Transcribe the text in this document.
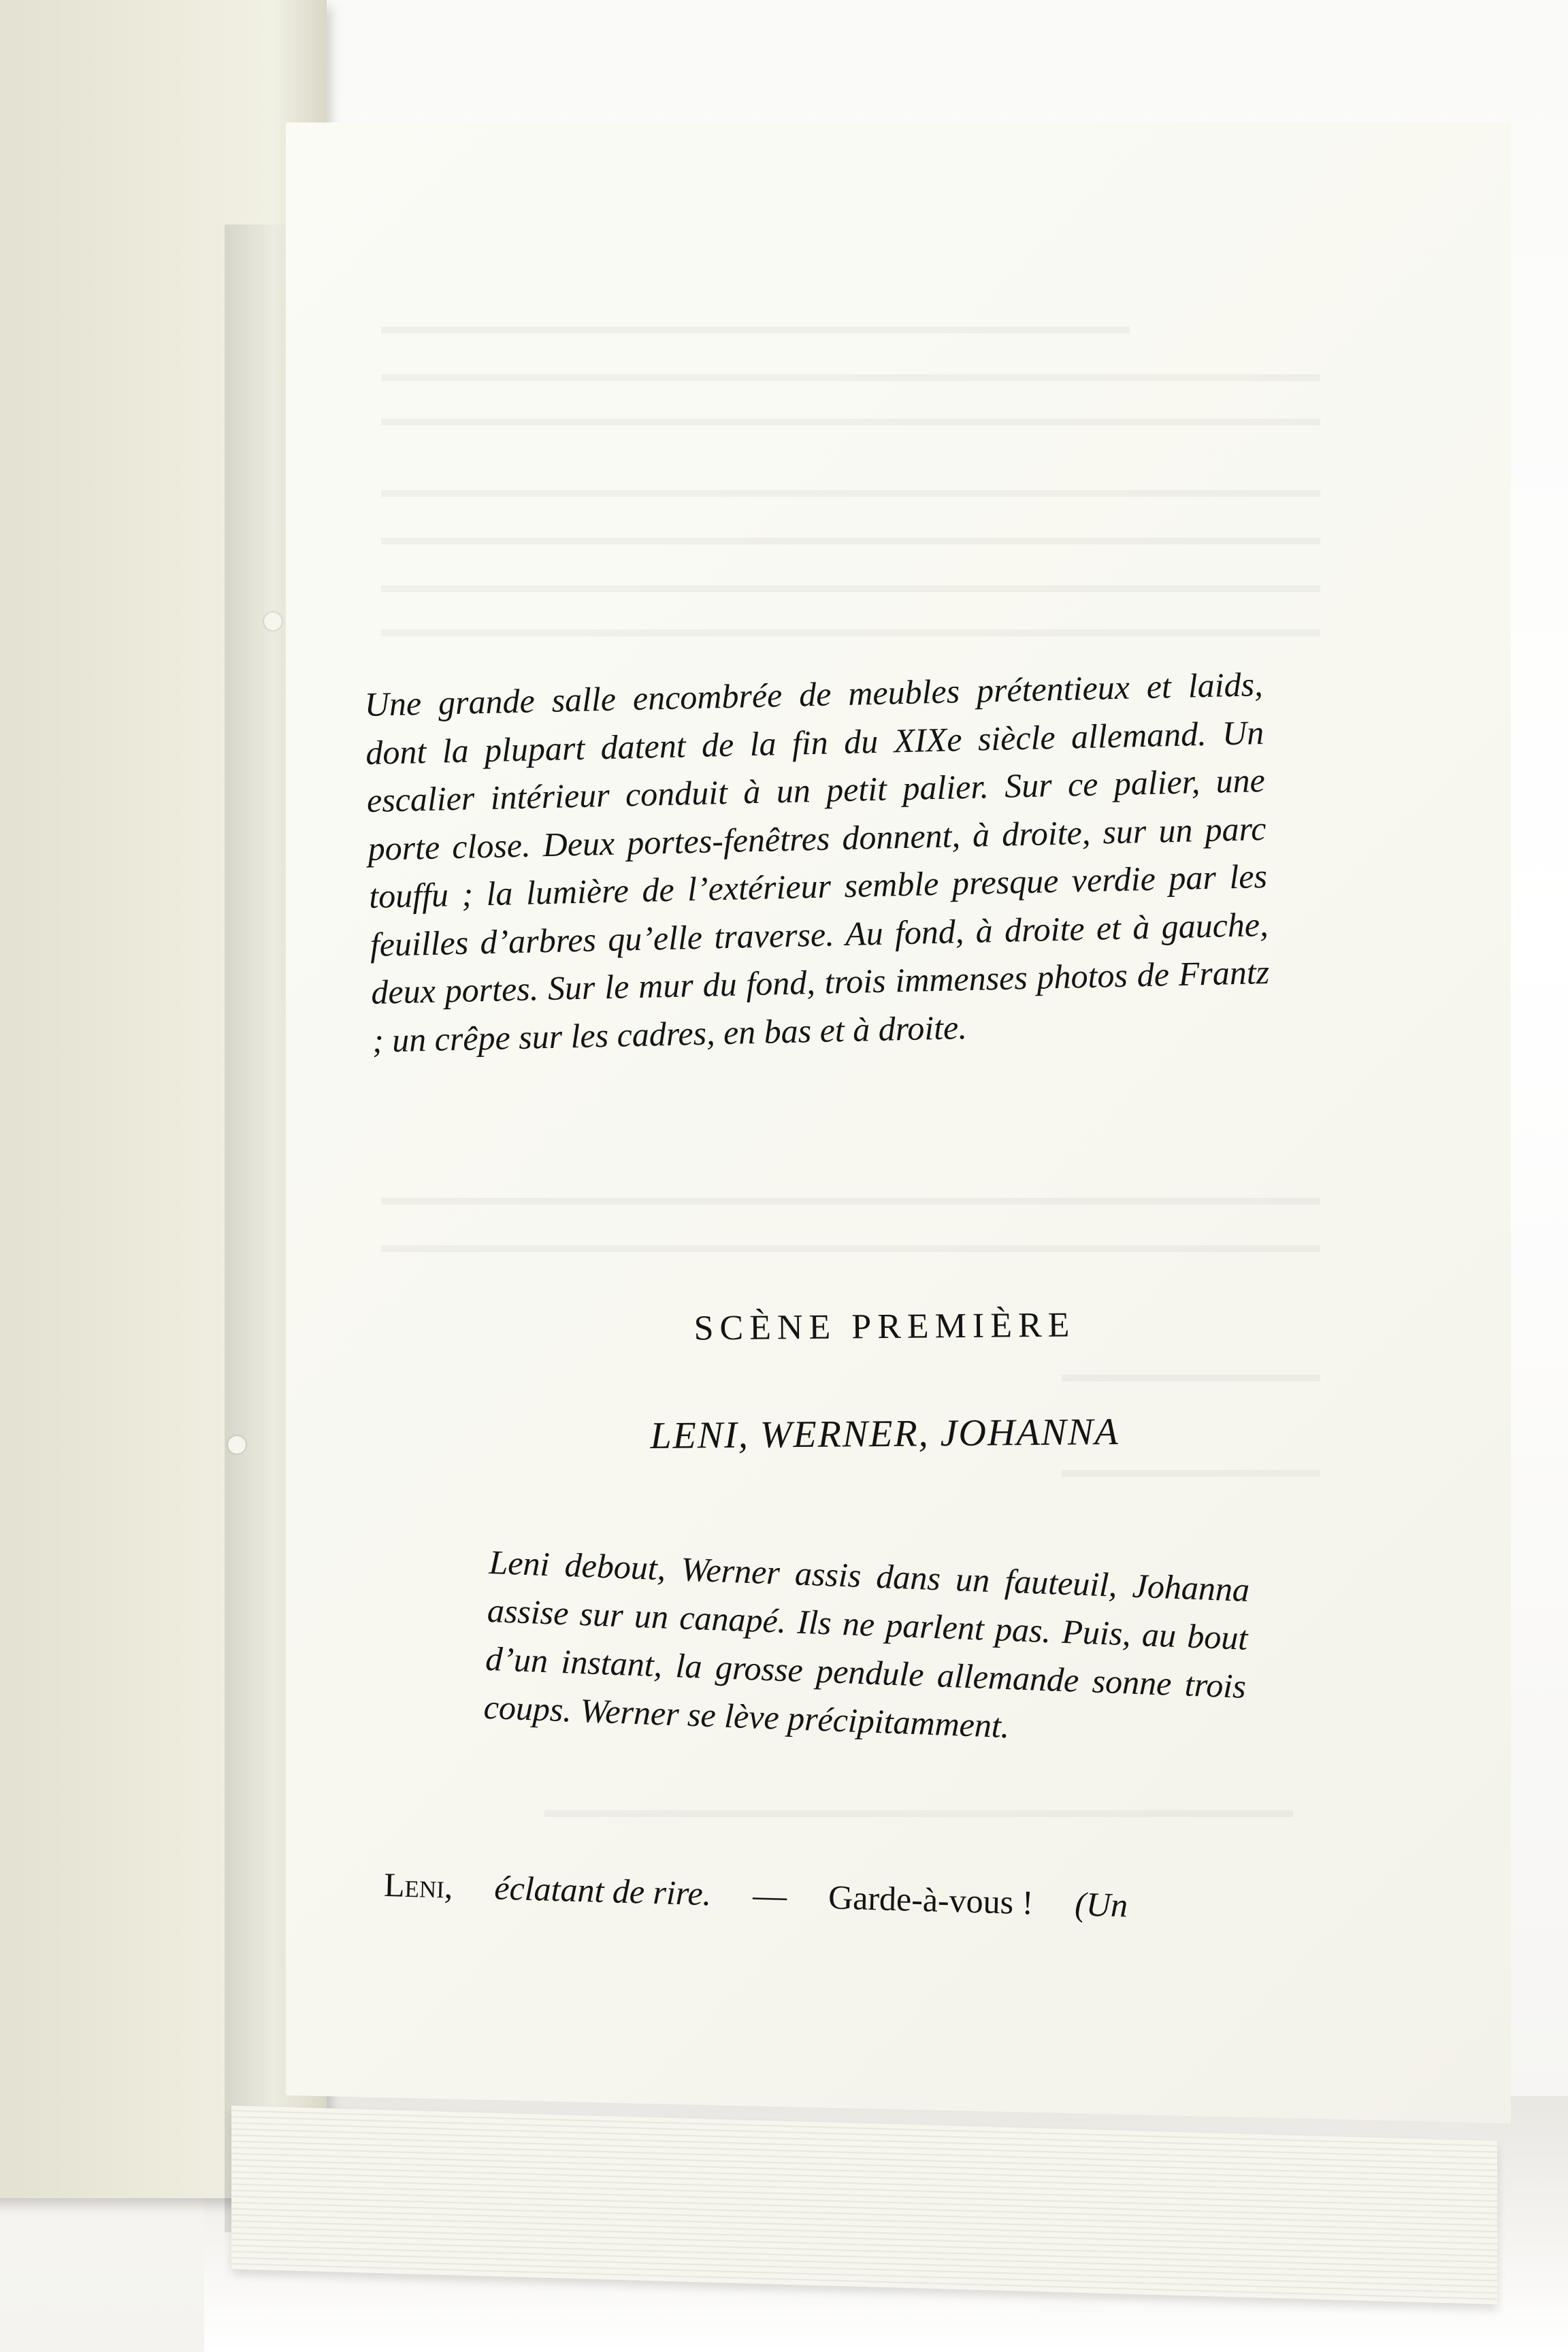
Une grande salle encombrée de meubles prétentieux et laids, dont la plupart datent de la fin du XIXe siècle allemand. Un escalier intérieur conduit à un petit palier. Sur ce palier, une porte close. Deux portes-fenêtres donnent, à droite, sur un parc touffu ; la lumière de l’extérieur semble presque verdie par les feuilles d’arbres qu’elle traverse. Au fond, à droite et à gauche, deux portes. Sur le mur du fond, trois immenses photos de Frantz ; un crêpe sur les cadres, en bas et à droite.

SCÈNE PREMIÈRE
LENI, WERNER, JOHANNA

Leni debout, Werner assis dans un fauteuil, Johanna assise sur un canapé. Ils ne parlent pas. Puis, au bout d’un instant, la grosse pendule allemande sonne trois coups. Werner se lève précipitamment.

Leni, éclatant de rire. — Garde-à-vous ! (Un
